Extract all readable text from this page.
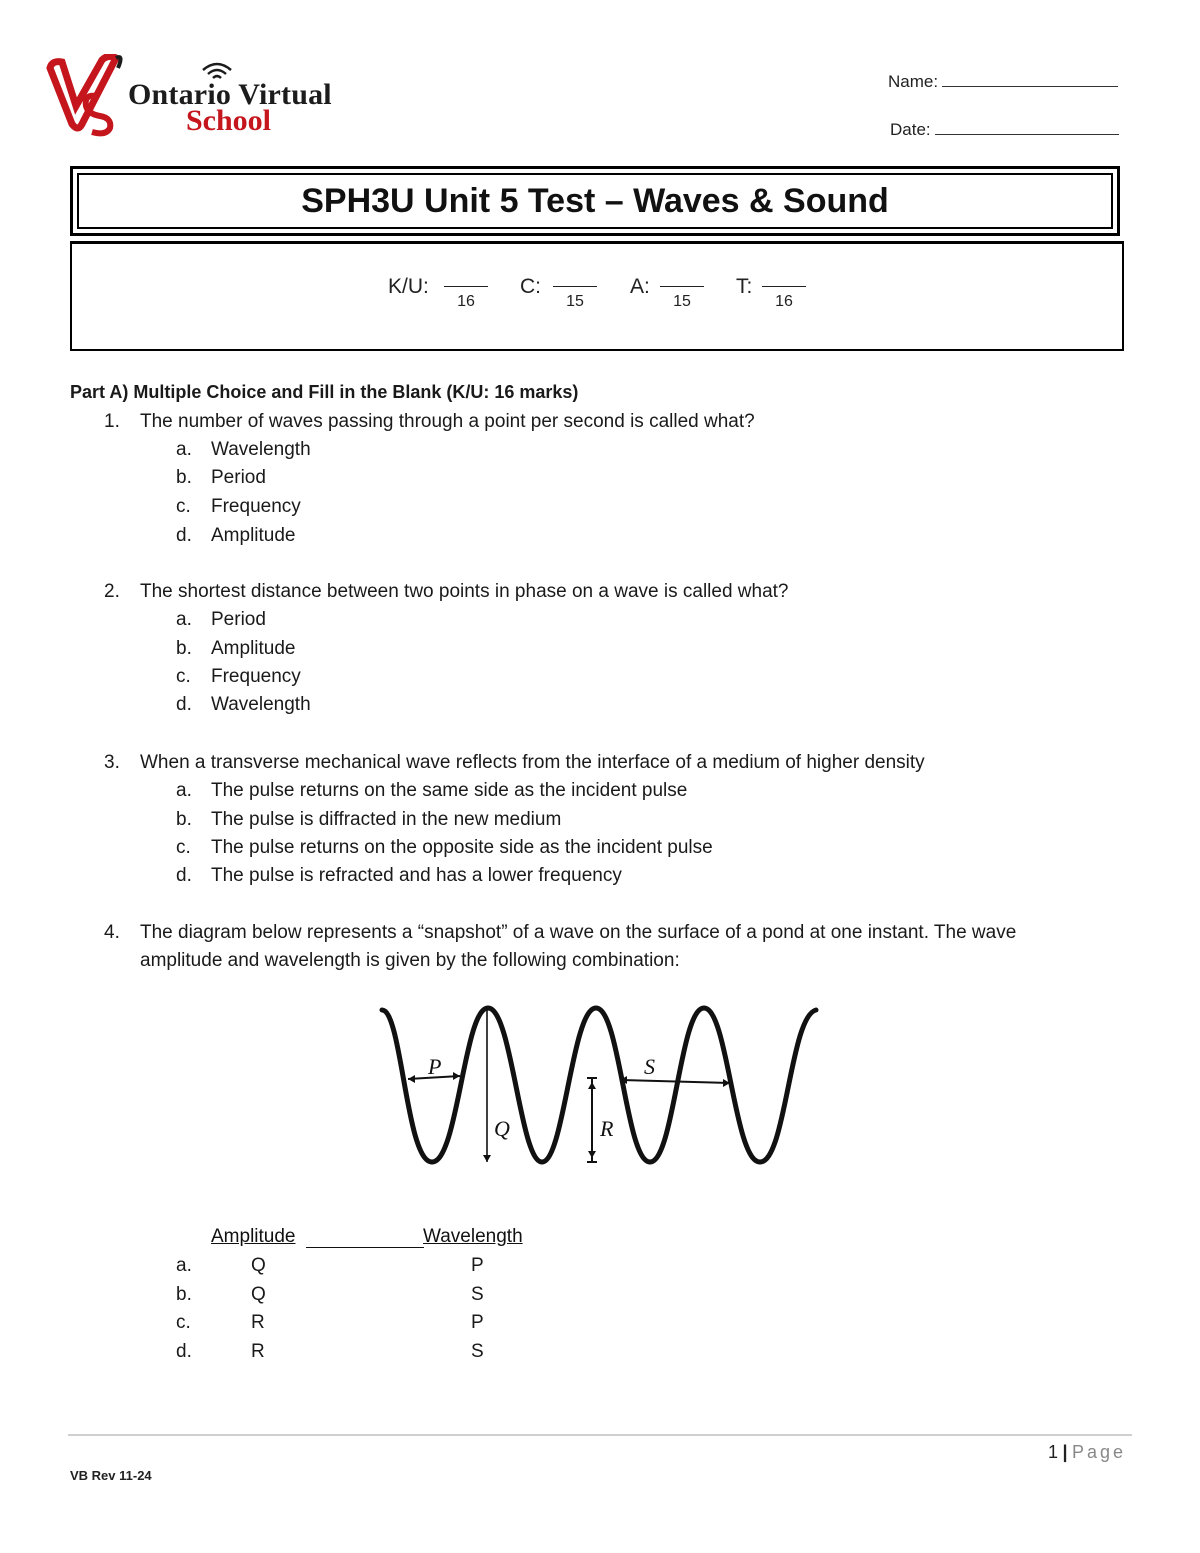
Ontario Virtual
School
Name:
Date:
SPH3U Unit 5 Test – Waves & Sound
K/U:
16
C:
15
A:
15
T:
16
Part A) Multiple Choice and Fill in the Blank (K/U: 16 marks)
1. The number of waves passing through a point per second is called what?
a. Wavelength
b. Period
c. Frequency
d. Amplitude
2. The shortest distance between two points in phase on a wave is called what?
a. Period
b. Amplitude
c. Frequency
d. Wavelength
3. When a transverse mechanical wave reflects from the interface of a medium of higher density
a. The pulse returns on the same side as the incident pulse
b. The pulse is diffracted in the new medium
c. The pulse returns on the opposite side as the incident pulse
d. The pulse is refracted and has a lower frequency
4. The diagram below represents a “snapshot” of a wave on the surface of a pond at one instant. The wave
amplitude and wavelength is given by the following combination:
P
Q	R
S
Amplitude	Wavelength
a.	Q	P
b.	Q	S
c.	R	P
d.	R	S
1 | Page
VB Rev 11-24
